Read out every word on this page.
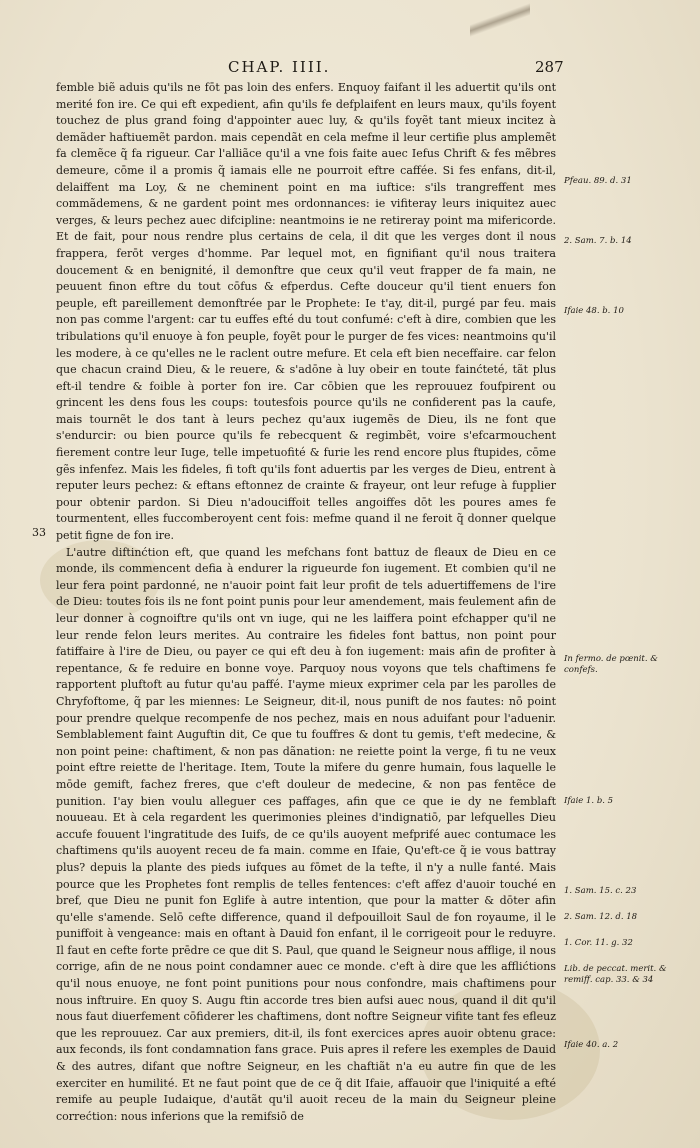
CHAP. IIII.	287

femble biẽ aduis qu'ils ne fōt pas loin des enfers. Enquoy faifant il les aduertit qu'ils ont merité fon ire. Ce qui eft expedient, afin qu'ils fe defplaifent en leurs maux, qu'ils foyent touchez de plus grand foing d'appointer auec luy, & qu'ils foyẽt tant mieux incitez à demãder haftiuemẽt pardon. mais cependãt en cela mefme il leur certifie plus amplemẽt fa clemẽce q̃ fa rigueur. Car l'alliãce qu'il a vne fois faite auec Iefus Chrift & fes mẽbres demeure, cōme il a promis q̃ iamais elle ne pourroit eftre caffée. Si fes enfans, dit-il, delaiffent ma Loy, & ne cheminent point en ma iuftice: s'ils trangreffent mes commãdemens, & ne gardent point mes ordonnances: ie vifiteray leurs iniquitez auec verges, & leurs pechez auec difcipline: neantmoins ie ne retireray point ma mifericorde. Et de fait, pour nous rendre plus certains de cela, il dit que les verges dont il nous frappera, ferōt verges d'homme. Par lequel mot, en fignifiant qu'il nous traitera doucement & en benignité, il demonftre que ceux qu'il veut frapper de fa main, ne peuuent finon eftre du tout cōfus & efperdus. Cefte douceur qu'il tient enuers fon peuple, eft pareillement demonftrée par le Prophete: Ie t'ay, dit-il, purgé par feu. mais non pas comme l'argent: car tu euffes efté du tout confumé: c'eft à dire, combien que les tribulations qu'il enuoye à fon peuple, foyẽt pour le purger de fes vices: neantmoins qu'il les modere, à ce qu'elles ne le raclent outre mefure. Et cela eft bien neceffaire. car felon que chacun craind Dieu, & le reuere, & s'adōne à luy obeir en toute fainćteté, tãt plus eft-il tendre & foible à porter fon ire. Car cōbien que les reprouuez foufpirent ou grincent les dens fous les coups: toutesfois pource qu'ils ne confiderent pas la caufe, mais tournẽt le dos tant à leurs pechez qu'aux iugemẽs de Dieu, ils ne font que s'endurcir: ou bien pource qu'ils fe rebecquent & regimbẽt, voire s'efcarmouchent fierement contre leur Iuge, telle impetuofité & furie les rend encore plus ftupides, cōme gẽs infenfez. Mais les fideles, fi toft qu'ils font aduertis par les verges de Dieu, entrent à reputer leurs pechez: & eftans eftonnez de crainte & frayeur, ont leur refuge à fupplier pour obtenir pardon. Si Dieu n'adouciffoit telles angoiffes dōt les poures ames fe tourmentent, elles fuccomberoyent cent fois: mefme quand il ne feroit q̃ donner quelque petit figne de fon ire.

L'autre diftinćtion eft, que quand les mefchans font battuz de fleaux de Dieu en ce monde, ils commencent defia à endurer la rigueurde fon iugement. Et combien qu'il ne leur fera point pardonné, ne n'auoir point fait leur profit de tels aduertiffemens de l'ire de Dieu: toutes fois ils ne font point punis pour leur amendement, mais feulement afin de leur donner à cognoiftre qu'ils ont vn iuge, qui ne les laiffera point efchapper qu'il ne leur rende felon leurs merites. Au contraire les fideles font battus, non point pour fatiffaire à l'ire de Dieu, ou payer ce qui eft deu à fon iugement: mais afin de profiter à repentance, & fe reduire en bonne voye. Parquoy nous voyons que tels chaftimens fe rapportent pluftoft au futur qu'au paffé. I'ayme mieux exprimer cela par les parolles de Chryfoftome, q̃ par les miennes: Le Seigneur, dit-il, nous punift de nos fautes: nō point pour prendre quelque recompenfe de nos pechez, mais en nous aduifant pour l'aduenir. Semblablement faint Auguftin dit, Ce que tu fouffres & dont tu gemis, t'eft medecine, & non point peine: chaftiment, & non pas dãnation: ne reiette point la verge, fi tu ne veux point eftre reiette de l'heritage. Item, Toute la mifere du genre humain, fous laquelle le mōde gemift, fachez freres, que c'eft douleur de medecine, & non pas fentẽce de punition. I'ay bien voulu alleguer ces paffages, afin que ce que ie dy ne femblaft nouueau. Et à cela regardent les querimonies pleines d'indignatiō, par lefquelles Dieu accufe fouuent l'ingratitude des Iuifs, de ce qu'ils auoyent mefprifé auec contumace les chaftimens qu'ils auoyent receu de fa main. comme en Ifaie, Qu'eft-ce q̃ ie vous battray plus? depuis la plante des pieds iufques au fōmet de la tefte, il n'y a nulle fanté. Mais pource que les Prophetes font remplis de telles fentences: c'eft affez d'auoir touché en bref, que Dieu ne punit fon Eglife à autre intention, que pour la matter & dōter afin qu'elle s'amende. Selō cefte difference, quand il defpouilloit Saul de fon royaume, il le puniffoit à vengeance: mais en oftant à Dauid fon enfant, il le corrigeoit pour le reduyre. Il faut en cefte forte prēdre ce que dit S. Paul, que quand le Seigneur nous afflige, il nous corrige, afin de ne nous point condamner auec ce monde. c'eft à dire que les afflićtions qu'il nous enuoye, ne font point punitions pour nous confondre, mais chaftimens pour nous inftruire. En quoy S. Augu ftin accorde tres bien aufsi auec nous, quand il dit qu'il nous faut diuerfement cōfiderer les chaftimens, dont noftre Seigneur vifite tant fes efleuz que les reprouuez. Car aux premiers, dit-il, ils font exercices apres auoir obtenu grace: aux feconds, ils font condamnation fans grace. Puis apres il refere les exemples de Dauid & des autres, difant que noftre Seigneur, en les chaftiãt n'a eu autre fin que de les exerciter en humilité. Et ne faut point que de ce q̃ dit Ifaie, affauoir que l'iniquité a efté remife au peuple Iudaique, d'autãt qu'il auoit receu de la main du Seigneur pleine correćtion: nous inferions que la remifsiō de

33
Pfeau. 89. d. 31
2. Sam. 7. b. 14
Ifaie 48. b. 10
In fermo. de pœnit. & confefs.
Ifaie 1. b. 5
1. Sam. 15. c. 23
2. Sam. 12. d. 18
1. Cor. 11. g. 32
Lib. de peccat. merit. & remiff. cap. 33. & 34
Ifaie 40. a. 2
